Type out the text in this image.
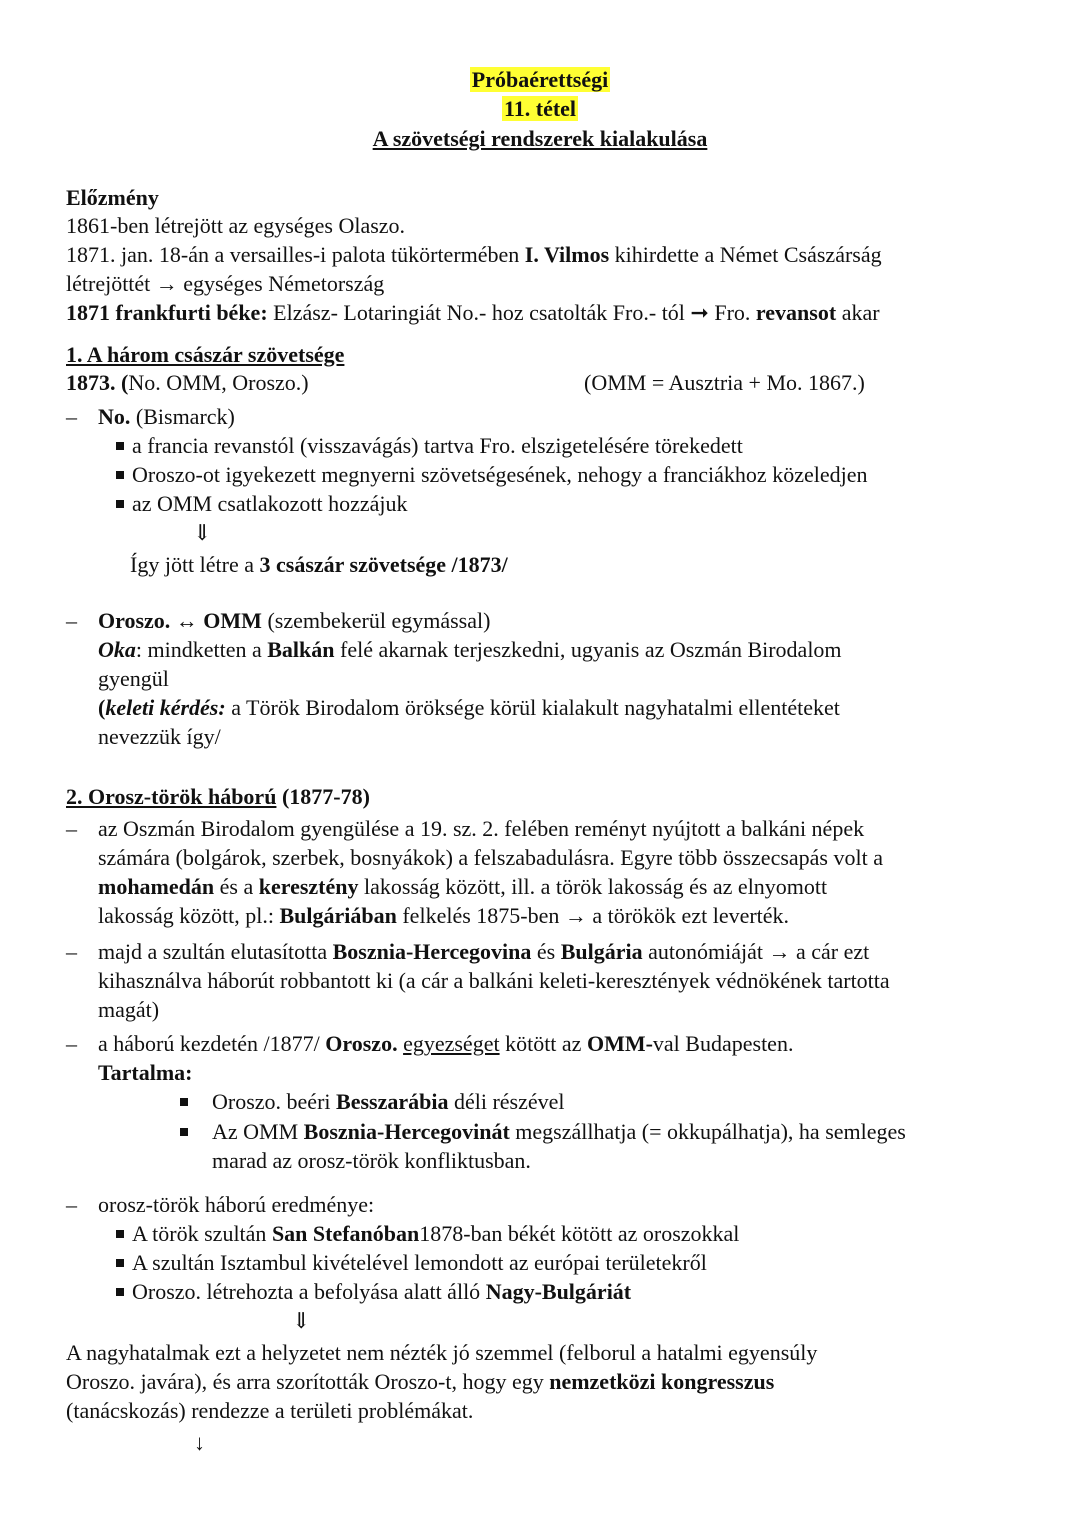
Próbaérettségi
11. tétel
A szövetségi rendszerek kialakulása
Előzmény
1861-ben létrejött az egységes Olaszo.
1871. jan. 18-án a versailles-i palota tükörtermében I. Vilmos kihirdette a Német Császárság
létrejöttét → egységes Németország
1871 frankfurti béke: Elzász- Lotaringiát No.- hoz csatolták Fro.- tól ➞ Fro. revansot akar
1. A három császár szövetsége
1873. (No. OMM, Oroszo.)	(OMM = Ausztria + Mo. 1867.)
– No. (Bismarck)
a francia revanstól (visszavágás) tartva Fro. elszigetelésére törekedett
Oroszo-ot igyekezett megnyerni szövetségesének, nehogy a franciákhoz közeledjen
az OMM csatlakozott hozzájuk
⇓
Így jött létre a 3 császár szövetsége /1873/
– Oroszo. ↔ OMM (szembekerül egymással)
Oka: mindketten a Balkán felé akarnak terjeszkedni, ugyanis az Oszmán Birodalom
gyengül
(keleti kérdés: a Török Birodalom öröksége körül kialakult nagyhatalmi ellentéteket
nevezzük így/
2. Orosz-török háború (1877-78)
– az Oszmán Birodalom gyengülése a 19. sz. 2. felében reményt nyújtott a balkáni népek
számára (bolgárok, szerbek, bosnyákok) a felszabadulásra. Egyre több összecsapás volt a
mohamedán és a keresztény lakosság között, ill. a török lakosság és az elnyomott
lakosság között, pl.: Bulgáriában felkelés 1875-ben → a törökök ezt leverték.
– majd a szultán elutasította Bosznia-Hercegovina és Bulgária autonómiáját → a cár ezt
kihasználva háborút robbantott ki (a cár a balkáni keleti-keresztények védnökének tartotta
magát)
– a háború kezdetén /1877/ Oroszo. egyezséget kötött az OMM-val Budapesten.
Tartalma:
Oroszo. beéri Besszarábia déli részével
Az OMM Bosznia-Hercegovinát megszállhatja (= okkupálhatja), ha semleges
marad az orosz-török konfliktusban.
– orosz-török háború eredménye:
A török szultán San Stefanóban1878-ban békét kötött az oroszokkal
A szultán Isztambul kivételével lemondott az európai területekről
Oroszo. létrehozta a befolyása alatt álló Nagy-Bulgáriát
⇓
A nagyhatalmak ezt a helyzetet nem nézték jó szemmel (felborul a hatalmi egyensúly
Oroszo. javára), és arra szorították Oroszo-t, hogy egy nemzetközi kongresszus
(tanácskozás) rendezze a területi problémákat.
↓
